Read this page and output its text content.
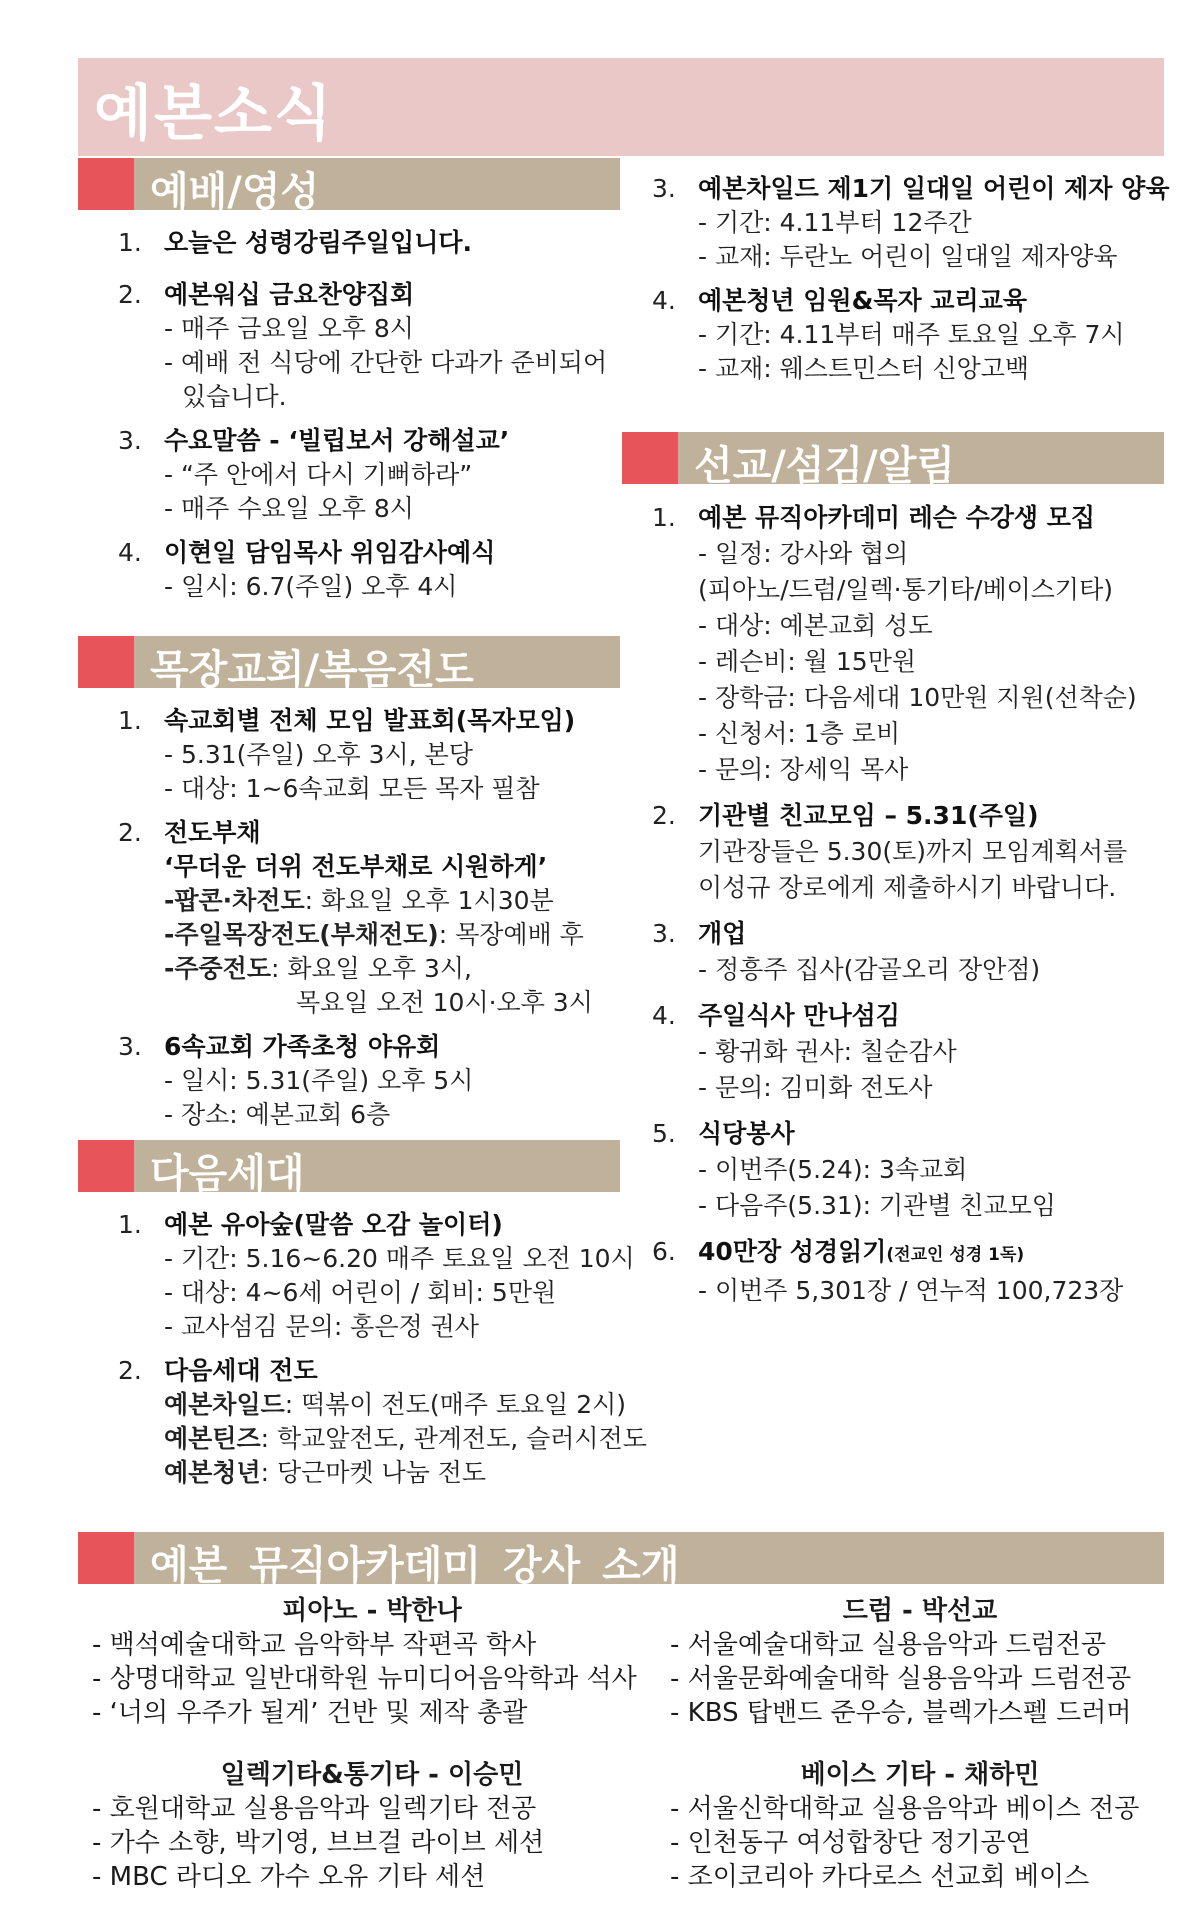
예본소식
예배/영성
1. 오늘은 성령강림주일입니다.
2. 예본워십 금요찬양집회
- 매주 금요일 오후 8시
- 예배 전 식당에 간단한 다과가 준비되어
있습니다.
3. 수요말씀 - ‘빌립보서 강해설교’
- “주 안에서 다시 기뻐하라”
- 매주 수요일 오후 8시
4. 이현일 담임목사 위임감사예식
- 일시: 6.7(주일) 오후 4시
목장교회/복음전도
1. 속교회별 전체 모임 발표회(목자모임)
- 5.31(주일) 오후 3시, 본당
- 대상: 1~6속교회 모든 목자 필참
2. 전도부채
‘무더운 더위 전도부채로 시원하게’
-팝콘·차전도: 화요일 오후 1시30분
-주일목장전도(부채전도): 목장예배 후
-주중전도: 화요일 오후 3시,
목요일 오전 10시·오후 3시
3. 6속교회 가족초청 야유회
- 일시: 5.31(주일) 오후 5시
- 장소: 예본교회 6층
다음세대
1. 예본 유아숲(말씀 오감 놀이터)
- 기간: 5.16~6.20 매주 토요일 오전 10시
- 대상: 4~6세 어린이 / 회비: 5만원
- 교사섬김 문의: 홍은정 권사
2. 다음세대 전도
예본차일드: 떡볶이 전도(매주 토요일 2시)
예본틴즈: 학교앞전도, 관계전도, 슬러시전도
예본청년: 당근마켓 나눔 전도
3. 예본차일드 제1기 일대일 어린이 제자 양육
- 기간: 4.11부터 12주간
- 교재: 두란노 어린이 일대일 제자양육
4. 예본청년 임원&목자 교리교육
- 기간: 4.11부터 매주 토요일 오후 7시
- 교재: 웨스트민스터 신앙고백
선교/섬김/알림
1. 예본 뮤직아카데미 레슨 수강생 모집
- 일정: 강사와 협의
(피아노/드럼/일렉·통기타/베이스기타)
- 대상: 예본교회 성도
- 레슨비: 월 15만원
- 장학금: 다음세대 10만원 지원(선착순)
- 신청서: 1층 로비
- 문의: 장세익 목사
2. 기관별 친교모임 – 5.31(주일)
기관장들은 5.30(토)까지 모임계획서를
이성규 장로에게 제출하시기 바랍니다.
3. 개업
- 정흥주 집사(감골오리 장안점)
4. 주일식사 만나섬김
- 황귀화 권사: 칠순감사
- 문의: 김미화 전도사
5. 식당봉사
- 이번주(5.24): 3속교회
- 다음주(5.31): 기관별 친교모임
6. 40만장 성경읽기(전교인 성경 1독)
- 이번주 5,301장 / 연누적 100,723장
예본 뮤직아카데미 강사 소개
피아노 - 박한나
- 백석예술대학교 음악학부 작편곡 학사
- 상명대학교 일반대학원 뉴미디어음악학과 석사
- ‘너의 우주가 될게’ 건반 및 제작 총괄
드럼 - 박선교
- 서울예술대학교 실용음악과 드럼전공
- 서울문화예술대학 실용음악과 드럼전공
- KBS 탑밴드 준우승, 블렉가스펠 드러머
일렉기타&통기타 - 이승민
- 호원대학교 실용음악과 일렉기타 전공
- 가수 소향, 박기영, 브브걸 라이브 세션
- MBC 라디오 가수 오유 기타 세션
베이스 기타 - 채하민
- 서울신학대학교 실용음악과 베이스 전공
- 인천동구 여성합창단 정기공연
- 조이코리아 카다로스 선교회 베이스
